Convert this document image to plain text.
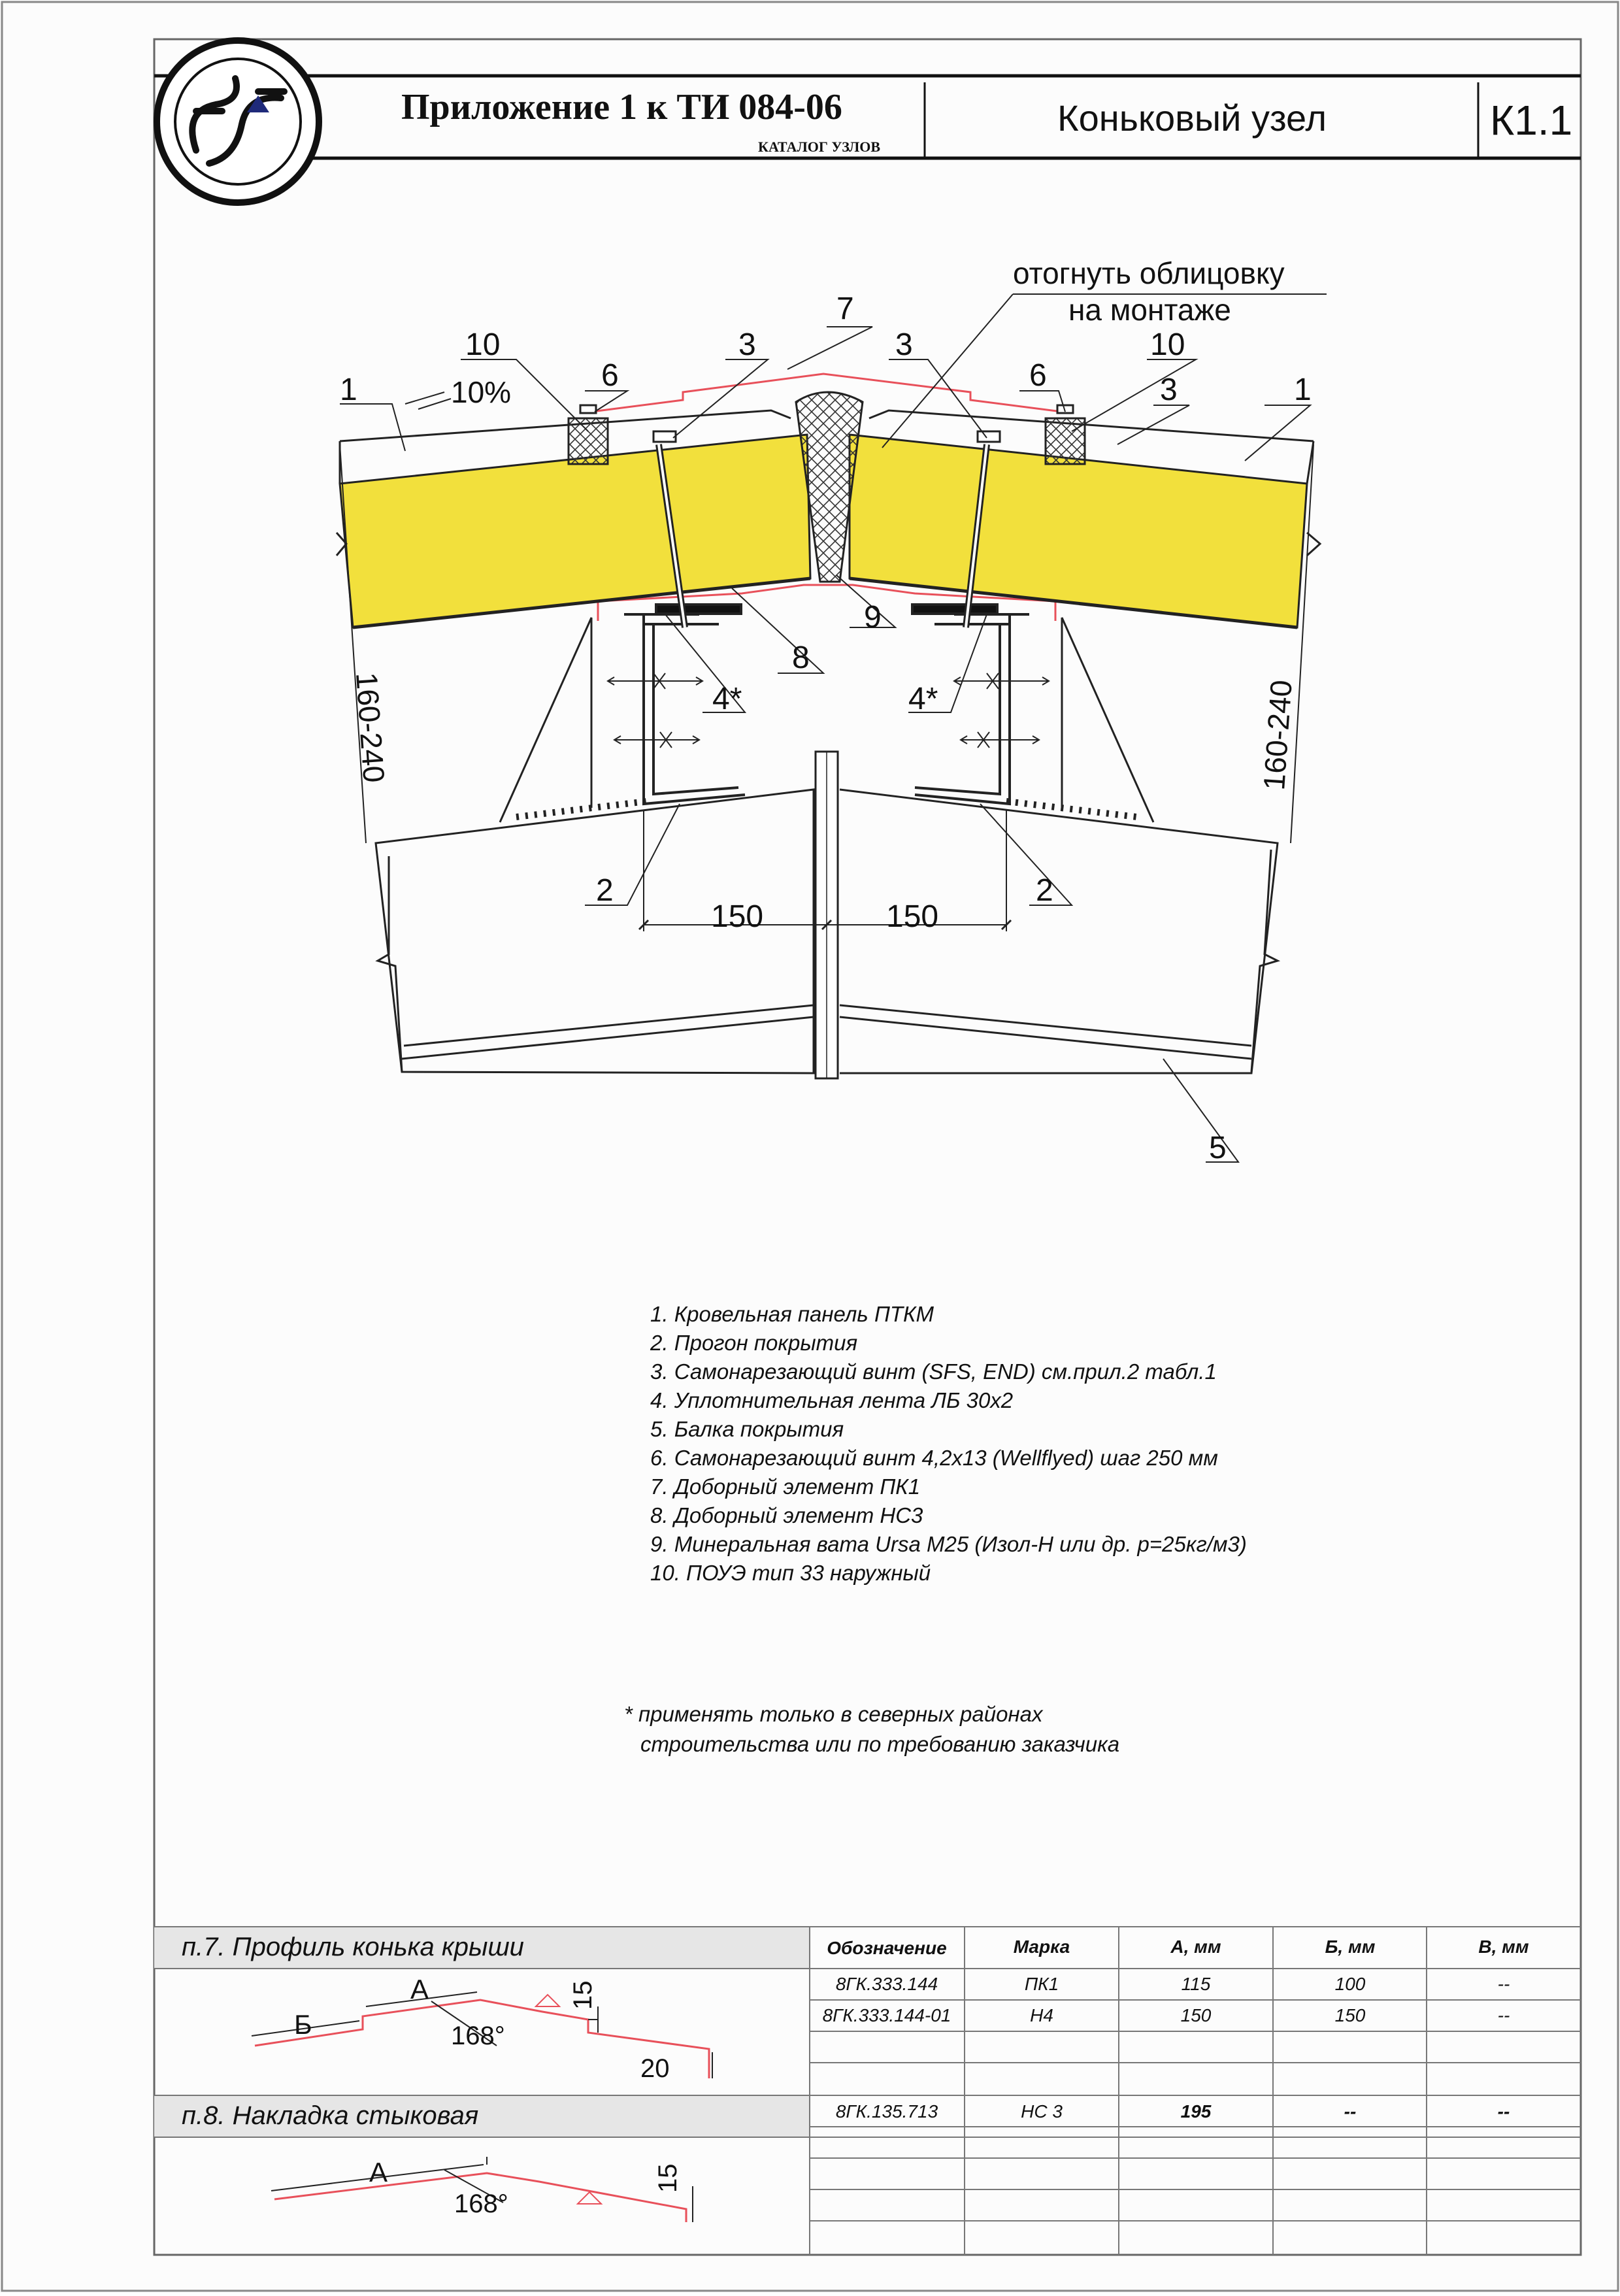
Приложение 1 к ТИ 084-06
КАТАЛОГ УЗЛОВ
Коньковый узел	К1.1
150	150
160-240	160-240
1
10
6
3
7
3
6
10
3	1
9
8
4*	4*
2	2
5
10%
отогнуть облицовку
на монтаже
1. Кровельная панель ПТКМ
2. Прогон покрытия
3. Самонарезающий винт (SFS, END) см.прил.2 табл.1
4. Уплотнительная лента ЛБ 30х2
5. Балка покрытия
6. Самонарезающий винт 4,2х13 (Wellflyed) шаг 250 мм
7. Доборный элемент ПК1
8. Доборный элемент НС3
9. Минеральная вата Ursa M25 (Изол-Н или др. р=25кг/м3)
10. ПОУЭ тип 33 наружный
* применять только в северных районах
строительства или по требованию заказчика
п.7. Профиль конька крыши
п.8. Накладка стыковая
Обозначение	Марка	А, мм	Б, мм	В, мм
8ГК.333.144	ПК1	115	100	--
8ГК.333.144-01	Н4	150	150	--
8ГК.135.713	НС 3	195	--	--
Б
А
168°
15
20
А
168°
15
